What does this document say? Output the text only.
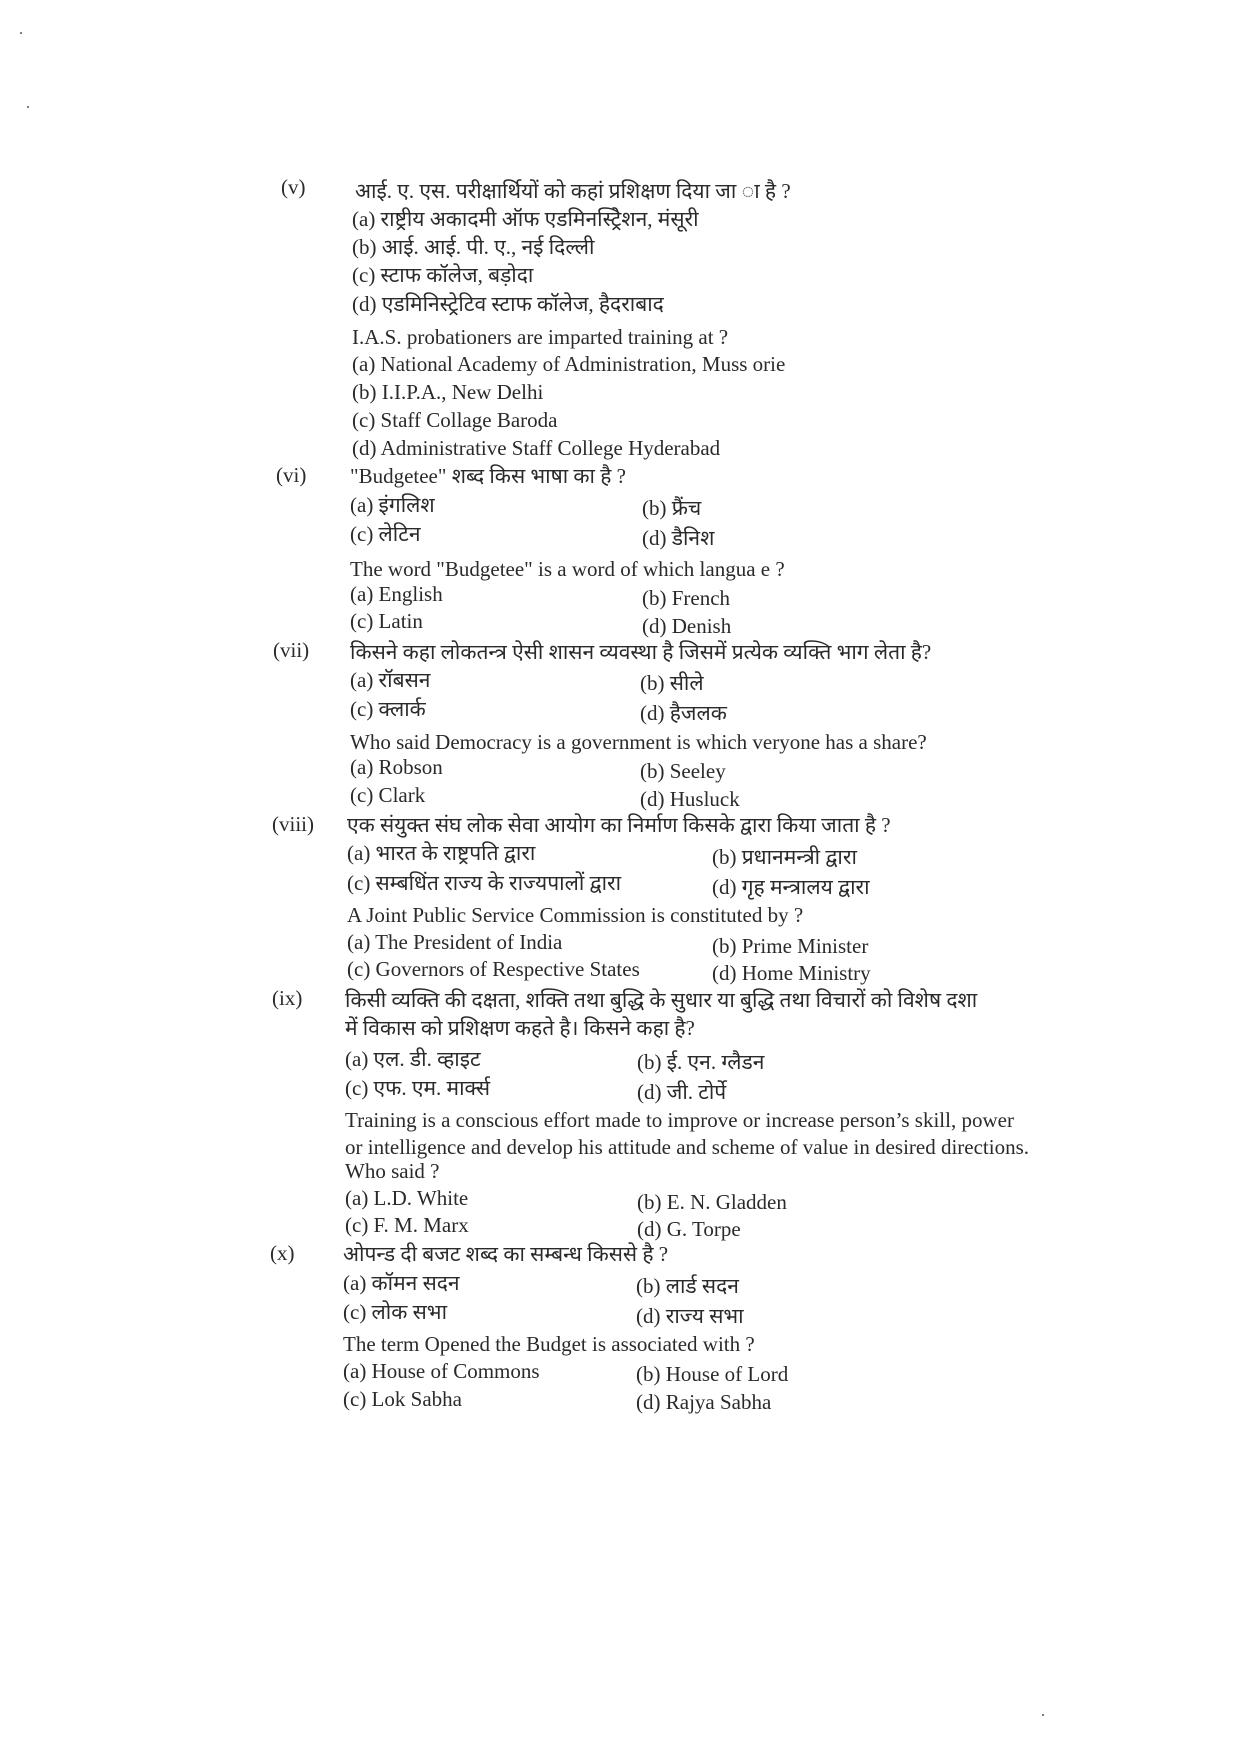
(v) आई. ए. एस. परीक्षार्थियों को कहां प्रशिक्षण दिया जा ा है ?
(a) राष्ट्रीय अकादमी ऑफ एडमिनस्ट्रिेशन, मंसूरी
(b) आई. आई. पी. ए., नई दिल्ली
(c) स्टाफ कॉलेज, बड़ोदा
(d) एडमिनिस्ट्रेटिव स्टाफ कॉलेज, हैदराबाद
I.A.S. probationers are imparted training at ?
(a) National Academy of Administration, Muss orie
(b) I.I.P.A., New Delhi
(c) Staff Collage Baroda
(d) Administrative Staff College Hyderabad
(vi) "Budgetee" शब्द किस भाषा का है ?
(a) इंगलिश	(b) फ्रैंच
(c) लेटिन	(d) डैनिश
The word "Budgetee" is a word of which langua e ?
(a) English	(b) French
(c) Latin	(d) Denish
(vii) किसने कहा लोकतन्त्र ऐसी शासन व्यवस्था है जिसमें प्रत्येक व्यक्ति भाग लेता है?
(a) रॉबसन	(b) सीले
(c) क्लार्क	(d) हैजलक
Who said Democracy is a government is which veryone has a share?
(a) Robson	(b) Seeley
(c) Clark	(d) Husluck
(viii) एक संयुक्त संघ लोक सेवा आयोग का निर्माण किसके द्वारा किया जाता है ?
(a) भारत के राष्ट्रपति द्वारा	(b) प्रधानमन्त्री द्वारा
(c) सम्बधिंत राज्य के राज्यपालों द्वारा	(d) गृह मन्त्रालय द्वारा
A Joint Public Service Commission is constituted by ?
(a) The President of India	(b) Prime Minister
(c) Governors of Respective States	(d) Home Ministry
(ix) किसी व्यक्ति की दक्षता, शक्ति तथा बुद्धि के सुधार या बुद्धि तथा विचारों को विशेष दशा
में विकास को प्रशिक्षण कहते है। किसने कहा है?
(a) एल. डी. व्हाइट	(b) ई. एन. ग्लैडन
(c) एफ. एम. मार्क्स	(d) जी. टोर्पे
Training is a conscious effort made to improve or increase person’s skill, power
or intelligence and develop his attitude and scheme of value in desired directions.
Who said ?
(a) L.D. White	(b) E. N. Gladden
(c) F. M. Marx	(d) G. Torpe
(x) ओपन्ड दी बजट शब्द का सम्बन्ध किससे है ?
(a) कॉमन सदन	(b) लार्ड सदन
(c) लोक सभा	(d) राज्य सभा
The term Opened the Budget is associated with ?
(a) House of Commons	(b) House of Lord
(c) Lok Sabha	(d) Rajya Sabha
